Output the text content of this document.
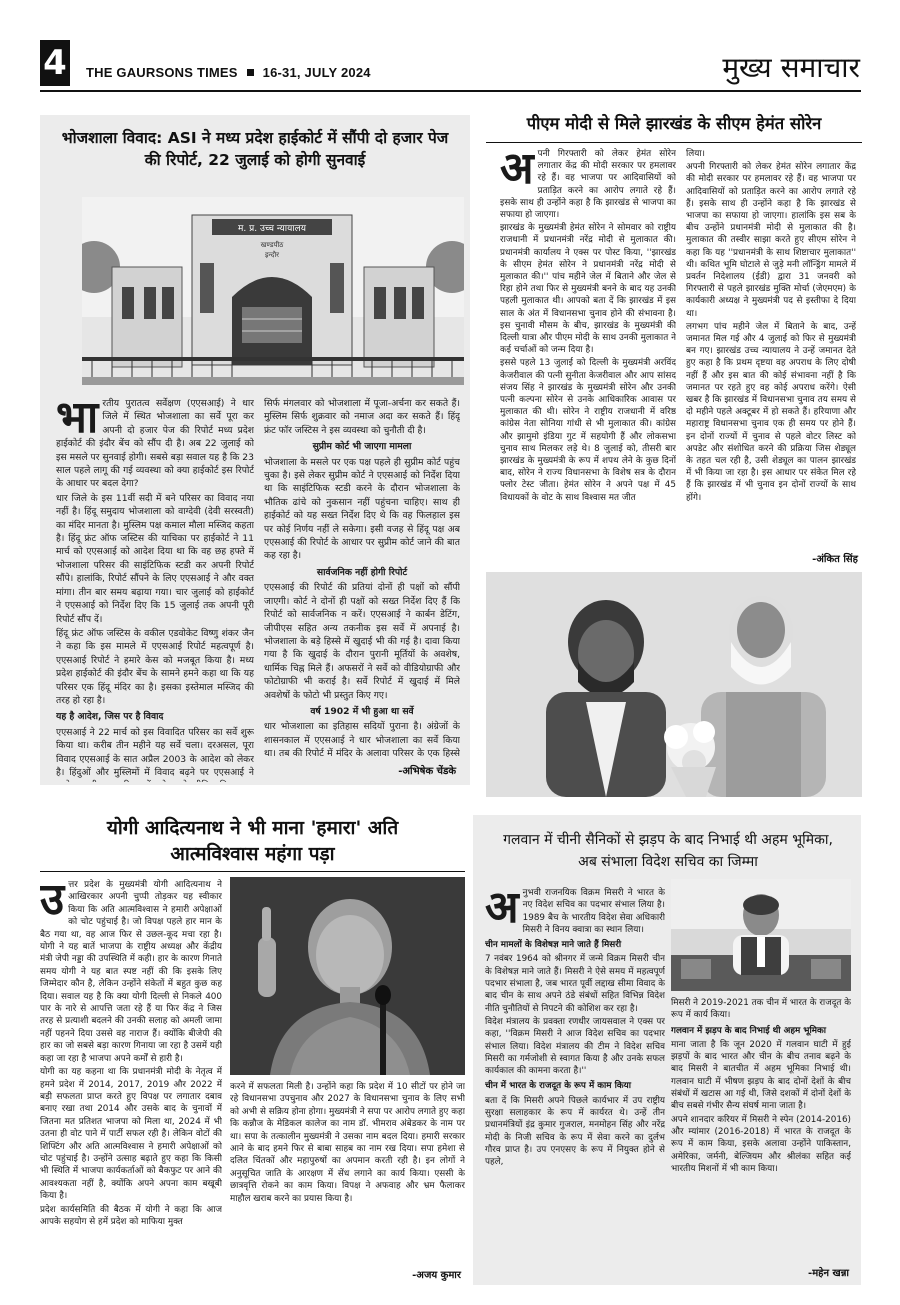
4 THE GAURSONS TIMES 16-31, JULY 2024	मुख्य समाचार
भोजशाला विवाद: ASI ने मध्य प्रदेश हाईकोर्ट में सौंपी दो हजार पेज की रिपोर्ट, 22 जुलाई को होगी सुनवाई
म. प्र. उच्च न्यायालय
खण्डपीठ
इन्दौर
भा रतीय पुरातत्व सर्वेक्षण (एएसआई) ने धार जिले में स्थित भोजशाला का सर्वे पूरा कर अपनी दो हजार पेज की रिपोर्ट मध्य प्रदेश हाईकोर्ट की इंदौर बेंच को सौंप दी है। अब 22 जुलाई को इस मसले पर सुनवाई होगी। सबसे बड़ा सवाल यह है कि 23 साल पहले लागू की गई व्यवस्था को क्या हाईकोर्ट इस रिपोर्ट के आधार पर बदल देगा?

धार जिले के इस 11वीं सदी में बने परिसर का विवाद नया नहीं है। हिंदू समुदाय भोजशाला को वाग्देवी (देवी सरस्वती) का मंदिर मानता है। मुस्लिम पक्ष कमाल मौला मस्जिद कहता है। हिंदू फ्रंट ऑफ जस्टिस की याचिका पर हाईकोर्ट ने 11 मार्च को एएसआई को आदेश दिया था कि वह छह हफ्ते में भोजशाला परिसर की साइंटिफिक स्टडी कर अपनी रिपोर्ट सौंपे। हालांकि, रिपोर्ट सौंपने के लिए एएसआई ने और वक्त मांगा। तीन बार समय बढ़ाया गया। चार जुलाई को हाईकोर्ट ने एएसआई को निर्देश दिए कि 15 जुलाई तक अपनी पूरी रिपोर्ट सौंप दें।

हिंदू फ्रंट ऑफ जस्टिस के वकील एडवोकेट विष्णु शंकर जैन ने कहा कि इस मामले में एएसआई रिपोर्ट महत्वपूर्ण है। एएसआई रिपोर्ट ने हमारे केस को मजबूत किया है। मध्य प्रदेश हाईकोर्ट की इंदौर बेंच के सामने हमने कहा था कि यह परिसर एक हिंदू मंदिर का है। इसका इस्तेमाल मस्जिद की तरह हो रहा है।

यह है आदेश, जिस पर है विवाद

एएसआई ने 22 मार्च को इस विवादित परिसर का सर्वे शुरू किया था। करीब तीन महीने यह सर्वे चला। दरअसल, पूरा विवाद एएसआई के सात अप्रैल 2003 के आदेश को लेकर है। हिंदुओं और मुस्लिमों में विवाद बढ़ने पर एएसआई ने

सिर्फ मंगलवार को भोजशाला में पूजा-अर्चना कर सकते हैं। मुस्लिम सिर्फ शुक्रवार को नमाज अदा कर सकते हैं। हिंदू फ्रंट फॉर जस्टिस ने इस व्यवस्था को चुनौती दी है।

सुप्रीम कोर्ट भी जाएगा मामला

भोजशाला के मसले पर एक पक्ष पहले ही सुप्रीम कोर्ट पहुंच चुका है। इसे लेकर सुप्रीम कोर्ट ने एएसआई को निर्देश दिया था कि साइंटिफिक स्टडी करने के दौरान भोजशाला के भौतिक ढांचे को नुकसान नहीं पहुंचना चाहिए। साथ ही हाईकोर्ट को यह सख्त निर्देश दिए थे कि वह फिलहाल इस पर कोई निर्णय नहीं ले सकेगा। इसी वजह से हिंदू पक्ष अब एएसआई की रिपोर्ट के आधार पर सुप्रीम कोर्ट जाने की बात कह रहा है।

सार्वजनिक नहीं होगी रिपोर्ट

एएसआई की रिपोर्ट की प्रतियां दोनों ही पक्षों को सौंपी जाएगी। कोर्ट ने दोनों ही पक्षों को सख्त निर्देश दिए हैं कि रिपोर्ट को सार्वजनिक न करें। एएसआई ने कार्बन डेटिंग, जीपीएस सहित अन्य तकनीक इस सर्वे में अपनाई है। भोजशाला के बड़े हिस्से में खुदाई भी की गई है। दावा किया गया है कि खुदाई के दौरान पुरानी मूर्तियों के अवशेष, धार्मिक चिह्न मिले हैं। अफसरों ने सर्वे को वीडियोग्राफी और फोटोग्राफी भी कराई है। सर्वे रिपोर्ट में खुदाई में मिले अवशेषों के फोटो भी प्रस्तुत किए गए।

वर्ष 1902 में भी हुआ था सर्वे

धार भोजशाला का इतिहास सदियों पुराना है। अंग्रेजों के शासनकाल में एएसआई ने धार भोजशाला का सर्वे किया था। तब की रिपोर्ट में मंदिर के अलावा परिसर के एक हिस्से

-अभिषेक चेंडके
पीएम मोदी से मिले झारखंड के सीएम हेमंत सोरेन
अ पनी गिरफ्तारी को लेकर हेमंत सोरेन लगातार केंद्र की मोदी सरकार पर हमलावर रहे हैं। वह भाजपा पर आदिवासियों को प्रताड़ित करने का आरोप लगाते रहे हैं। इसके साथ ही उन्होंने कहा है कि झारखंड से भाजपा का सफाया हो जाएगा।

झारखंड के मुख्यमंत्री हेमंत सोरेन ने सोमवार को राष्ट्रीय राजधानी में प्रधानमंत्री नरेंद्र मोदी से मुलाकात की। प्रधानमंत्री कार्यालय ने एक्स पर पोस्ट किया, ''झारखंड के सीएम हेमंत सोरेन ने प्रधानमंत्री नरेंद्र मोदी से मुलाकात की।'' पांच महीने जेल में बिताने और जेल से रिहा होने तथा फिर से मुख्यमंत्री बनने के बाद यह उनकी पहली मुलाकात थी। आपको बता दें कि झारखंड में इस साल के अंत में विधानसभा चुनाव होने की संभावना है। इस चुनावी मौसम के बीच, झारखंड के मुख्यमंत्री की दिल्ली यात्रा और पीएम मोदी के साथ उनकी मुलाकात ने कई चर्चाओं को जन्म दिया है।

इससे पहले 13 जुलाई को दिल्ली के मुख्यमंत्री अरविंद केजरीवाल की पत्नी सुनीता केजरीवाल और आप सांसद संजय सिंह ने झारखंड के मुख्यमंत्री सोरेन और उनकी पत्नी कल्पना सोरेन से उनके आधिकारिक आवास पर मुलाकात की थी। सोरेन ने राष्ट्रीय राजधानी में वरिष्ठ कांग्रेस नेता सोनिया गांधी से भी मुलाकात की। कांग्रेस और झामुमो इंडिया गुट में सहयोगी हैं और लोकसभा चुनाव साथ मिलकर लड़े थे। 8 जुलाई को, तीसरी बार झारखंड के मुख्यमंत्री के रूप में शपथ लेने के कुछ दिनों बाद, सोरेन ने राज्य विधानसभा के विशेष सत्र के दौरान फ्लोर टेस्ट जीता। हेमंत सोरेन ने अपने पक्ष में 45 विधायकों के वोट के साथ विश्वास मत जीत

लिया।

अपनी गिरफ्तारी को लेकर हेमंत सोरेन लगातार केंद्र की मोदी सरकार पर हमलावर रहे हैं। वह भाजपा पर आदिवासियों को प्रताड़ित करने का आरोप लगाते रहे हैं। इसके साथ ही उन्होंने कहा है कि झारखंड से भाजपा का सफाया हो जाएगा। हालांकि इस सब के बीच उन्होंने प्रधानमंत्री मोदी से मुलाकात की है। मुलाकात की तस्वीर साझा करते हुए सीएम सोरेन ने कहा कि यह ''प्रधानमंत्री के साथ शिष्टाचार मुलाकात'' थी। कथित भूमि घोटाले से जुड़े मनी लॉन्ड्रिंग मामले में प्रवर्तन निदेशालय (ईडी) द्वारा 31 जनवरी को गिरफ्तारी से पहले झारखंड मुक्ति मोर्चा (जेएमएम) के कार्यकारी अध्यक्ष ने मुख्यमंत्री पद से इस्तीफा दे दिया था।

लगभग पांच महीने जेल में बिताने के बाद, उन्हें जमानत मिल गई और 4 जुलाई को फिर से मुख्यमंत्री बन गए। झारखंड उच्च न्यायालय ने उन्हें जमानत देते हुए कहा है कि प्रथम दृष्टया वह अपराध के लिए दोषी नहीं हैं और इस बात की कोई संभावना नहीं है कि जमानत पर रहते हुए वह कोई अपराध करेंगे। ऐसी खबर है कि झारखंड में विधानसभा चुनाव तय समय से दो महीने पहले अक्टूबर में हो सकते हैं। हरियाणा और महाराष्ट्र विधानसभा चुनाव एक ही समय पर होने हैं। इन दोनों राज्यों में चुनाव से पहले वोटर लिस्ट को अपडेट और संशोधित करने की प्रक्रिया जिस शेड्यूल के तहत चल रही है, उसी शेड्यूल का पालन झारखंड में भी किया जा रहा है। इस आधार पर संकेत मिल रहे हैं कि झारखंड में भी चुनाव इन दोनों राज्यों के साथ होंगे।

-अंकित सिंह
योगी आदित्यनाथ ने भी माना 'हमारा' अति
आत्मविश्वास महंगा पड़ा
उ त्तर प्रदेश के मुख्यमंत्री योगी आदित्यनाथ ने आखिरकार अपनी चुप्पी तोड़कर यह स्वीकार किया कि अति आत्मविश्वास ने हमारी अपेक्षाओं को चोट पहुंचाई है। जो विपक्ष पहले हार मान के बैठ गया था, वह आज फिर से उछल-कूद मचा रहा है। योगी ने यह बातें भाजपा के राष्ट्रीय अध्यक्ष और केंद्रीय मंत्री जेपी नड्डा की उपस्थिति में कही। हार के कारण गिनाते समय योगी ने यह बात स्पष्ट नहीं की कि इसके लिए जिम्मेदार कौन है, लेकिन उन्होंने संकेतों में बहुत कुछ कह दिया। सवाल यह है कि क्या योगी दिल्ली से निकले 400 पार के नारे से आपत्ति जता रहे हैं या फिर केंद्र ने जिस तरह से प्रत्याशी बदलने की उनकी सलाह को अमली जामा नहीं पहनने दिया उससे वह नाराज हैं। क्योंकि बीजेपी की हार का जो सबसे बड़ा कारण गिनाया जा रहा है उसमें यही कहा जा रहा है भाजपा अपने कर्मों से हारी है।

योगी का यह कहना था कि प्रधानमंत्री मोदी के नेतृत्व में हमने प्रदेश में 2014, 2017, 2019 और 2022 में बड़ी सफलता प्राप्त करते हुए विपक्ष पर लगातार दबाव बनाए रखा तथा 2014 और उसके बाद के चुनावों में जितना मत प्रतिशत भाजपा को मिला था, 2024 में भी उतना ही वोट पाने में पार्टी सफल रही है। लेकिन वोटों की शिफ्टिंग और अति आत्मविश्वास ने हमारी अपेक्षाओं को चोट पहुंचाई है। उन्होंने उत्साह बढ़ाते हुए कहा कि किसी भी स्थिति में भाजपा कार्यकर्ताओं को बैकफुट पर आने की आवश्यकता नहीं है, क्योंकि अपने अपना काम बखूबी किया है।

प्रदेश कार्यसमिति की बैठक में योगी ने कहा कि आज आपके सहयोग से हमें प्रदेश को माफिया मुक्त

करने में सफलता मिली है। उन्होंने कहा कि प्रदेश में 10 सीटों पर होने जा रहे विधानसभा उपचुनाव और 2027 के विधानसभा चुनाव के लिए सभी को अभी से सक्रिय होना होगा। मुख्यमंत्री ने सपा पर आरोप लगाते हुए कहा कि कन्नौज के मेडिकल कालेज का नाम डॉ. भीमराव अंबेडकर के नाम पर था। सपा के तत्कालीन मुख्यमंत्री ने उसका नाम बदल दिया। हमारी सरकार आने के बाद हमने फिर से बाबा साहब का नाम रख दिया। सपा हमेशा से दलित चिंतकों और महापुरुषों का अपमान करती रही है। इन लोगों ने अनुसूचित जाति के आरक्षण में सेंध लगाने का कार्य किया। एससी के छात्रवृत्ति रोकने का काम किया। विपक्ष ने अफवाह और भ्रम फैलाकर माहौल खराब करने का प्रयास किया है।

-अजय कुमार
गलवान में चीनी सैनिकों से झड़प के बाद निभाई थी अहम भूमिका, अब संभाला विदेश सचिव का जिम्मा
अ नुभवी राजनयिक विक्रम मिसरी ने भारत के नए विदेश सचिव का पदभार संभाल लिया है। 1989 बैच के भारतीय विदेश सेवा अधिकारी मिसरी ने विनय क्वात्रा का स्थान लिया।

चीन मामलों के विशेषज्ञ माने जाते हैं मिसरी

7 नवंबर 1964 को श्रीनगर में जन्मे विक्रम मिसरी चीन के विशेषज्ञ माने जाते हैं। मिसरी ने ऐसे समय में महत्वपूर्ण पदभार संभाला है, जब भारत पूर्वी लद्दाख सीमा विवाद के बाद चीन के साथ अपने ठंडे संबंधों सहित विभिन्न विदेश नीति चुनौतियों से निपटने की कोशिश कर रहा है।

विदेश मंत्रालय के प्रवक्ता रणधीर जायसवाल ने एक्स पर कहा, ''विक्रम मिसरी ने आज विदेश सचिव का पदभार संभाल लिया। विदेश मंत्रालय की टीम ने विदेश सचिव मिसरी का गर्मजोशी से स्वागत किया है और उनके सफल कार्यकाल की कामना करता है।''

चीन में भारत के राजदूत के रूप में काम किया

बता दें कि मिसरी अपने पिछले कार्यभार में उप राष्ट्रीय सुरक्षा सलाहकार के रूप में कार्यरत थे। उन्हें तीन प्रधानमंत्रियों इंद्र कुमार गुजराल, मनमोहन सिंह और नरेंद्र मोदी के निजी सचिव के रूप में सेवा करने का दुर्लभ गौरव प्राप्त है। उप एनएसए के रूप में नियुक्त होने से पहले,

मिसरी ने 2019-2021 तक चीन में भारत के राजदूत के रूप में कार्य किया।

गलवान में झड़प के बाद निभाई थी अहम भूमिका

माना जाता है कि जून 2020 में गलवान घाटी में हुई झड़पों के बाद भारत और चीन के बीच तनाव बढ़ने के बाद मिसरी ने बातचीत में अहम भूमिका निभाई थी। गलवान घाटी में भीषण झड़प के बाद दोनों देशों के बीच संबंधों में खटास आ गई थी, जिसे दशकों में दोनों देशों के बीच सबसे गंभीर सैन्य संघर्ष माना जाता है।

अपने शानदार करियर में मिसरी ने स्पेन (2014-2016) और म्यांमार (2016-2018) में भारत के राजदूत के रूप में काम किया, इसके अलावा उन्होंने पाकिस्तान, अमेरिका, जर्मनी, बेल्जियम और श्रीलंका सहित कई भारतीय मिशनों में भी काम किया।

-महेन खन्ना
